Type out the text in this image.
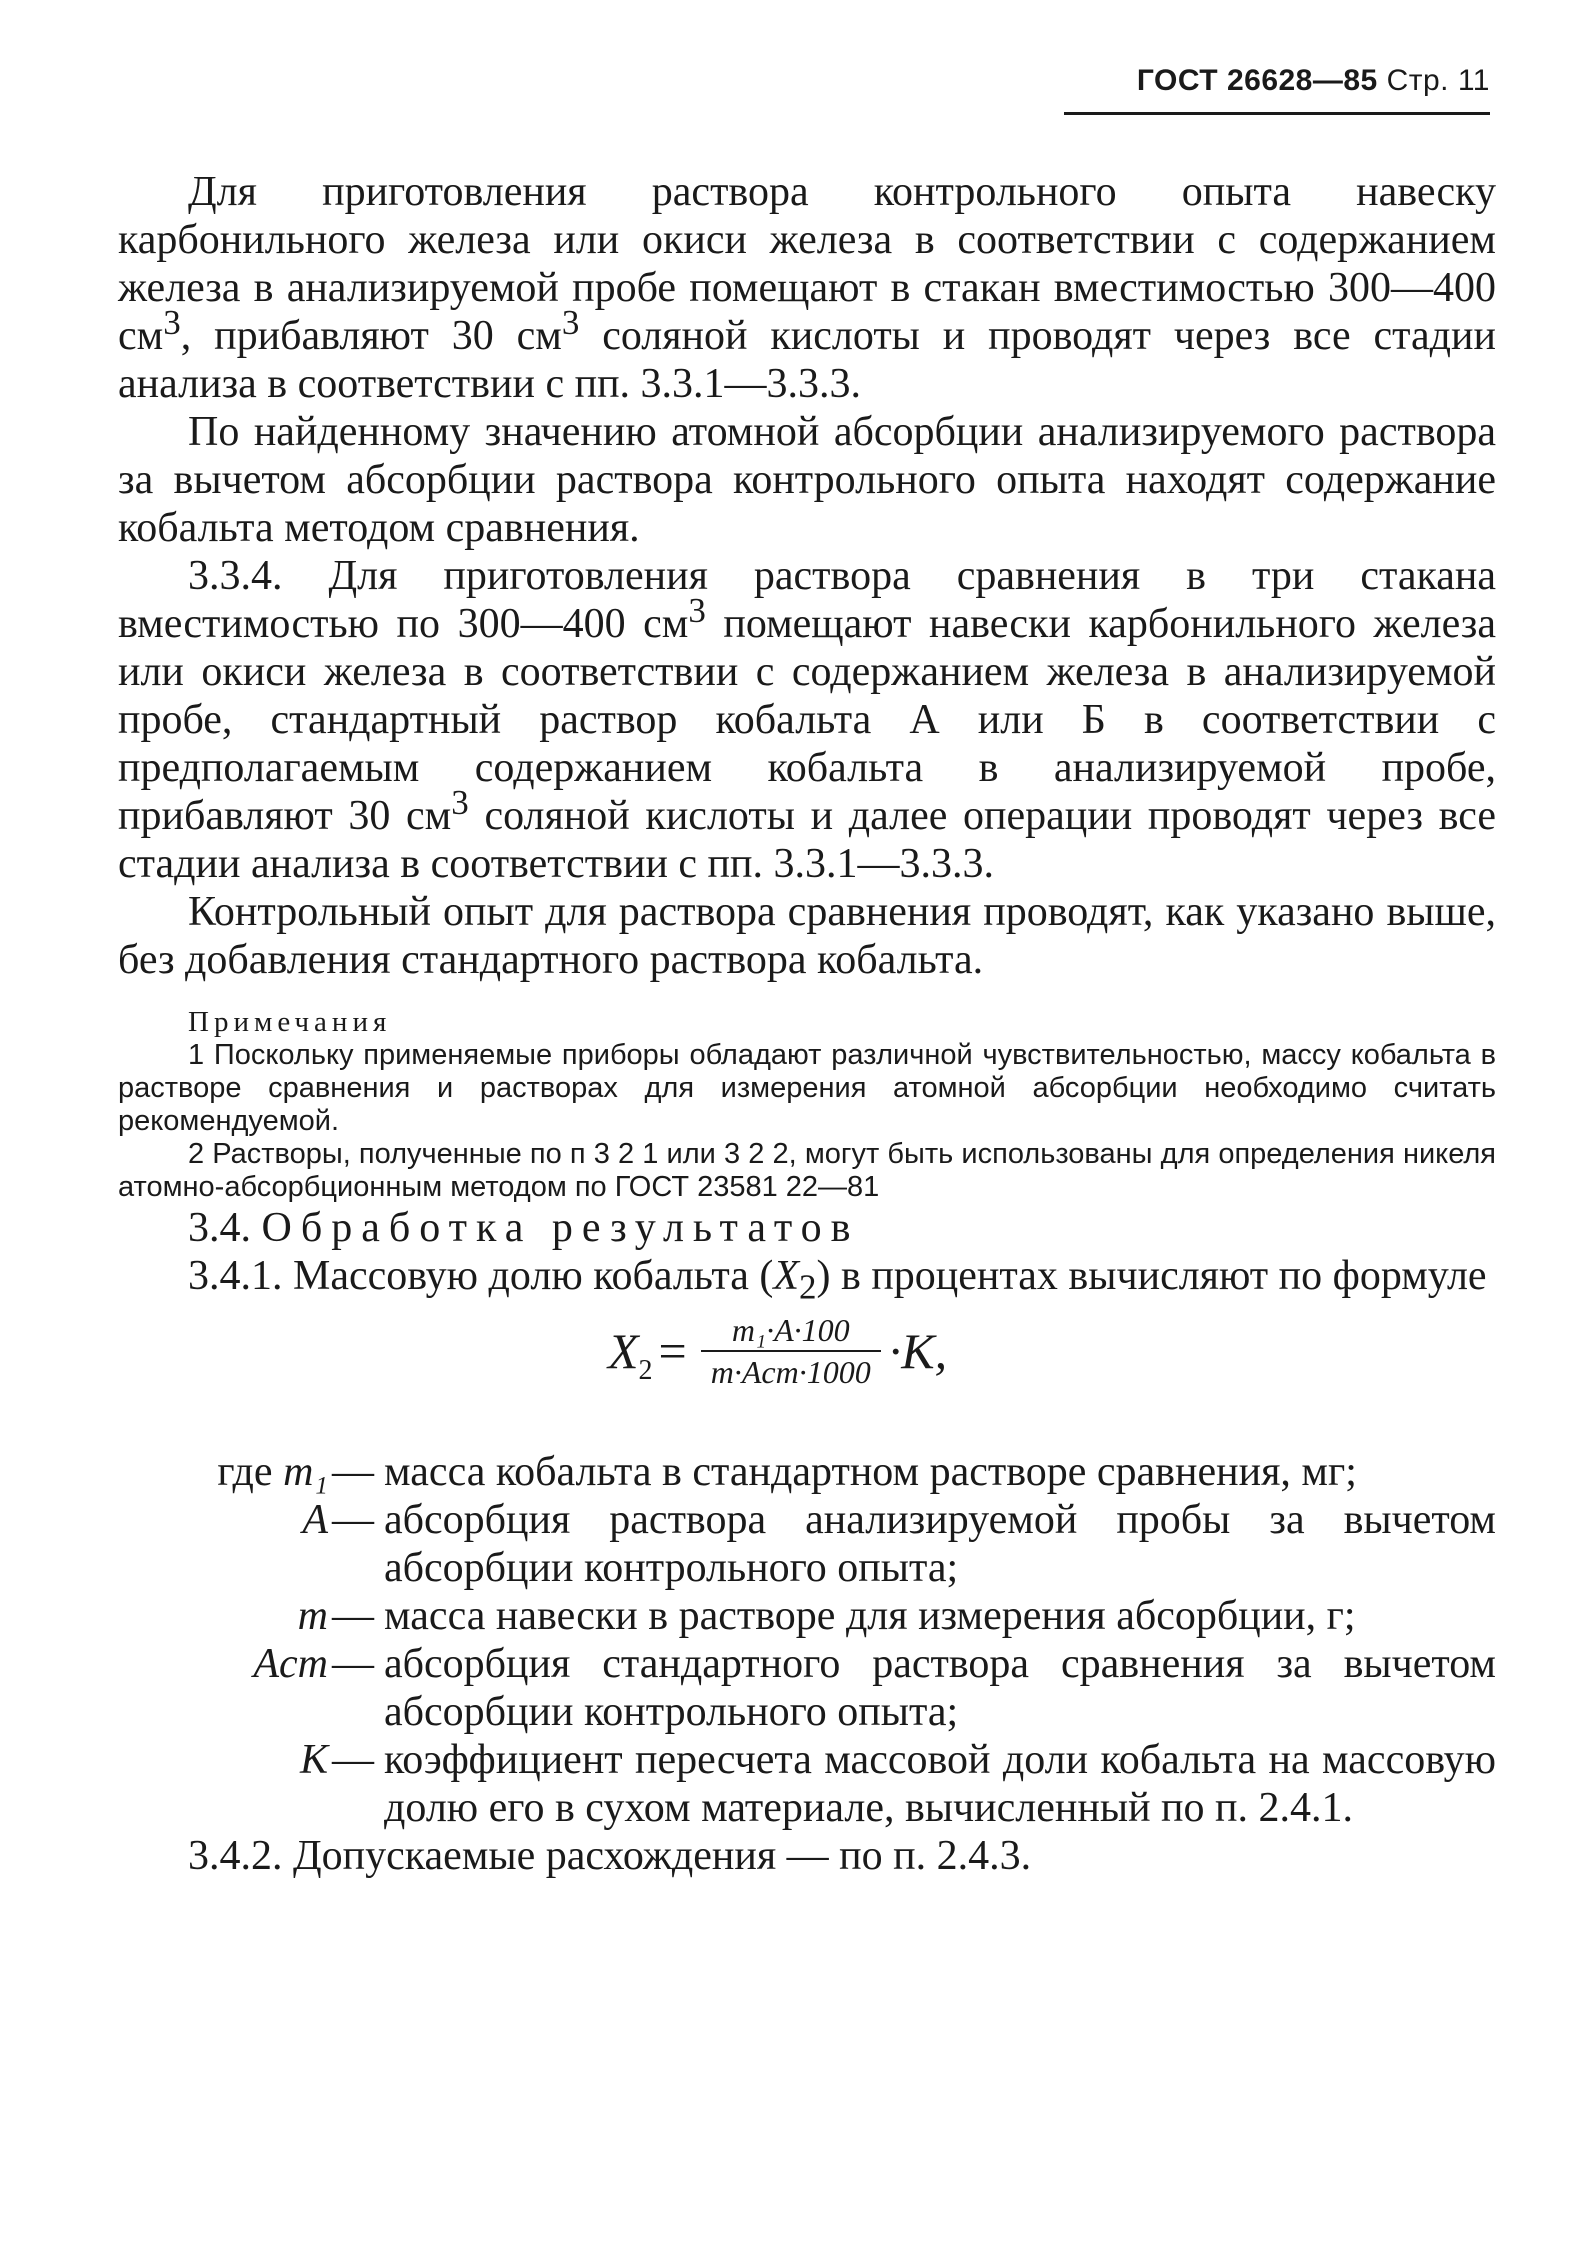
ГОСТ 26628—85 Стр. 11

Для приготовления раствора контрольного опыта навеску карбонильного железа или окиси железа в соответствии с содержанием железа в анализируемой пробе помещают в стакан вместимостью 300—400 $см^3$, прибавляют 30 $см^3$ соляной кислоты и проводят через все стадии анализа в соответствии с пп. 3.3.1—3.3.3.

По найденному значению атомной абсорбции анализируемого раствора за вычетом абсорбции раствора контрольного опыта находят содержание кобальта методом сравнения.

3.3.4. Для приготовления раствора сравнения в три стакана вместимостью по 300—400 $см^3$ помещают навески карбонильного железа или окиси железа в соответствии с содержанием железа в анализируемой пробе, стандартный раствор кобальта А или Б в соответствии с предполагаемым содержанием кобальта в анализируемой пробе, прибавляют 30 $см^3$ соляной кислоты и далее операции проводят через все стадии анализа в соответствии с пп. 3.3.1—3.3.3.

Контрольный опыт для раствора сравнения проводят, как указано выше, без добавления стандартного раствора кобальта.

Примечания

1 Поскольку применяемые приборы обладают различной чувствительностью, массу кобальта в растворе сравнения и растворах для измерения атомной абсорбции необходимо считать рекомендуемой.

2 Растворы, полученные по п 3 2 1 или 3 2 2, могут быть использованы для определения никеля атомно-абсорбционным методом по ГОСТ 23581 22—81

3.4. Обработка результатов

3.4.1. Массовую долю кобальта $(X_2)$ в процентах вычисляют по формуле

$X_2 = \frac{\text{m₁·A·100}}{\text{m·Aст·1000}} \cdot K$,
где m₁ — масса кобальта в стандартном растворе сравнения, мг;
A — абсорбция раствора анализируемой пробы за вычетом абсорбции контрольного опыта;
m — масса навески в растворе для измерения абсорбции, г;
Aст — абсорбция стандартного раствора сравнения за вычетом абсорбции контрольного опыта;
K — коэффициент пересчета массовой доли кобальта на массовую долю его в сухом материале, вычисленный по п. 2.4.1.

3.4.2. Допускаемые расхождения — по п. 2.4.3.
